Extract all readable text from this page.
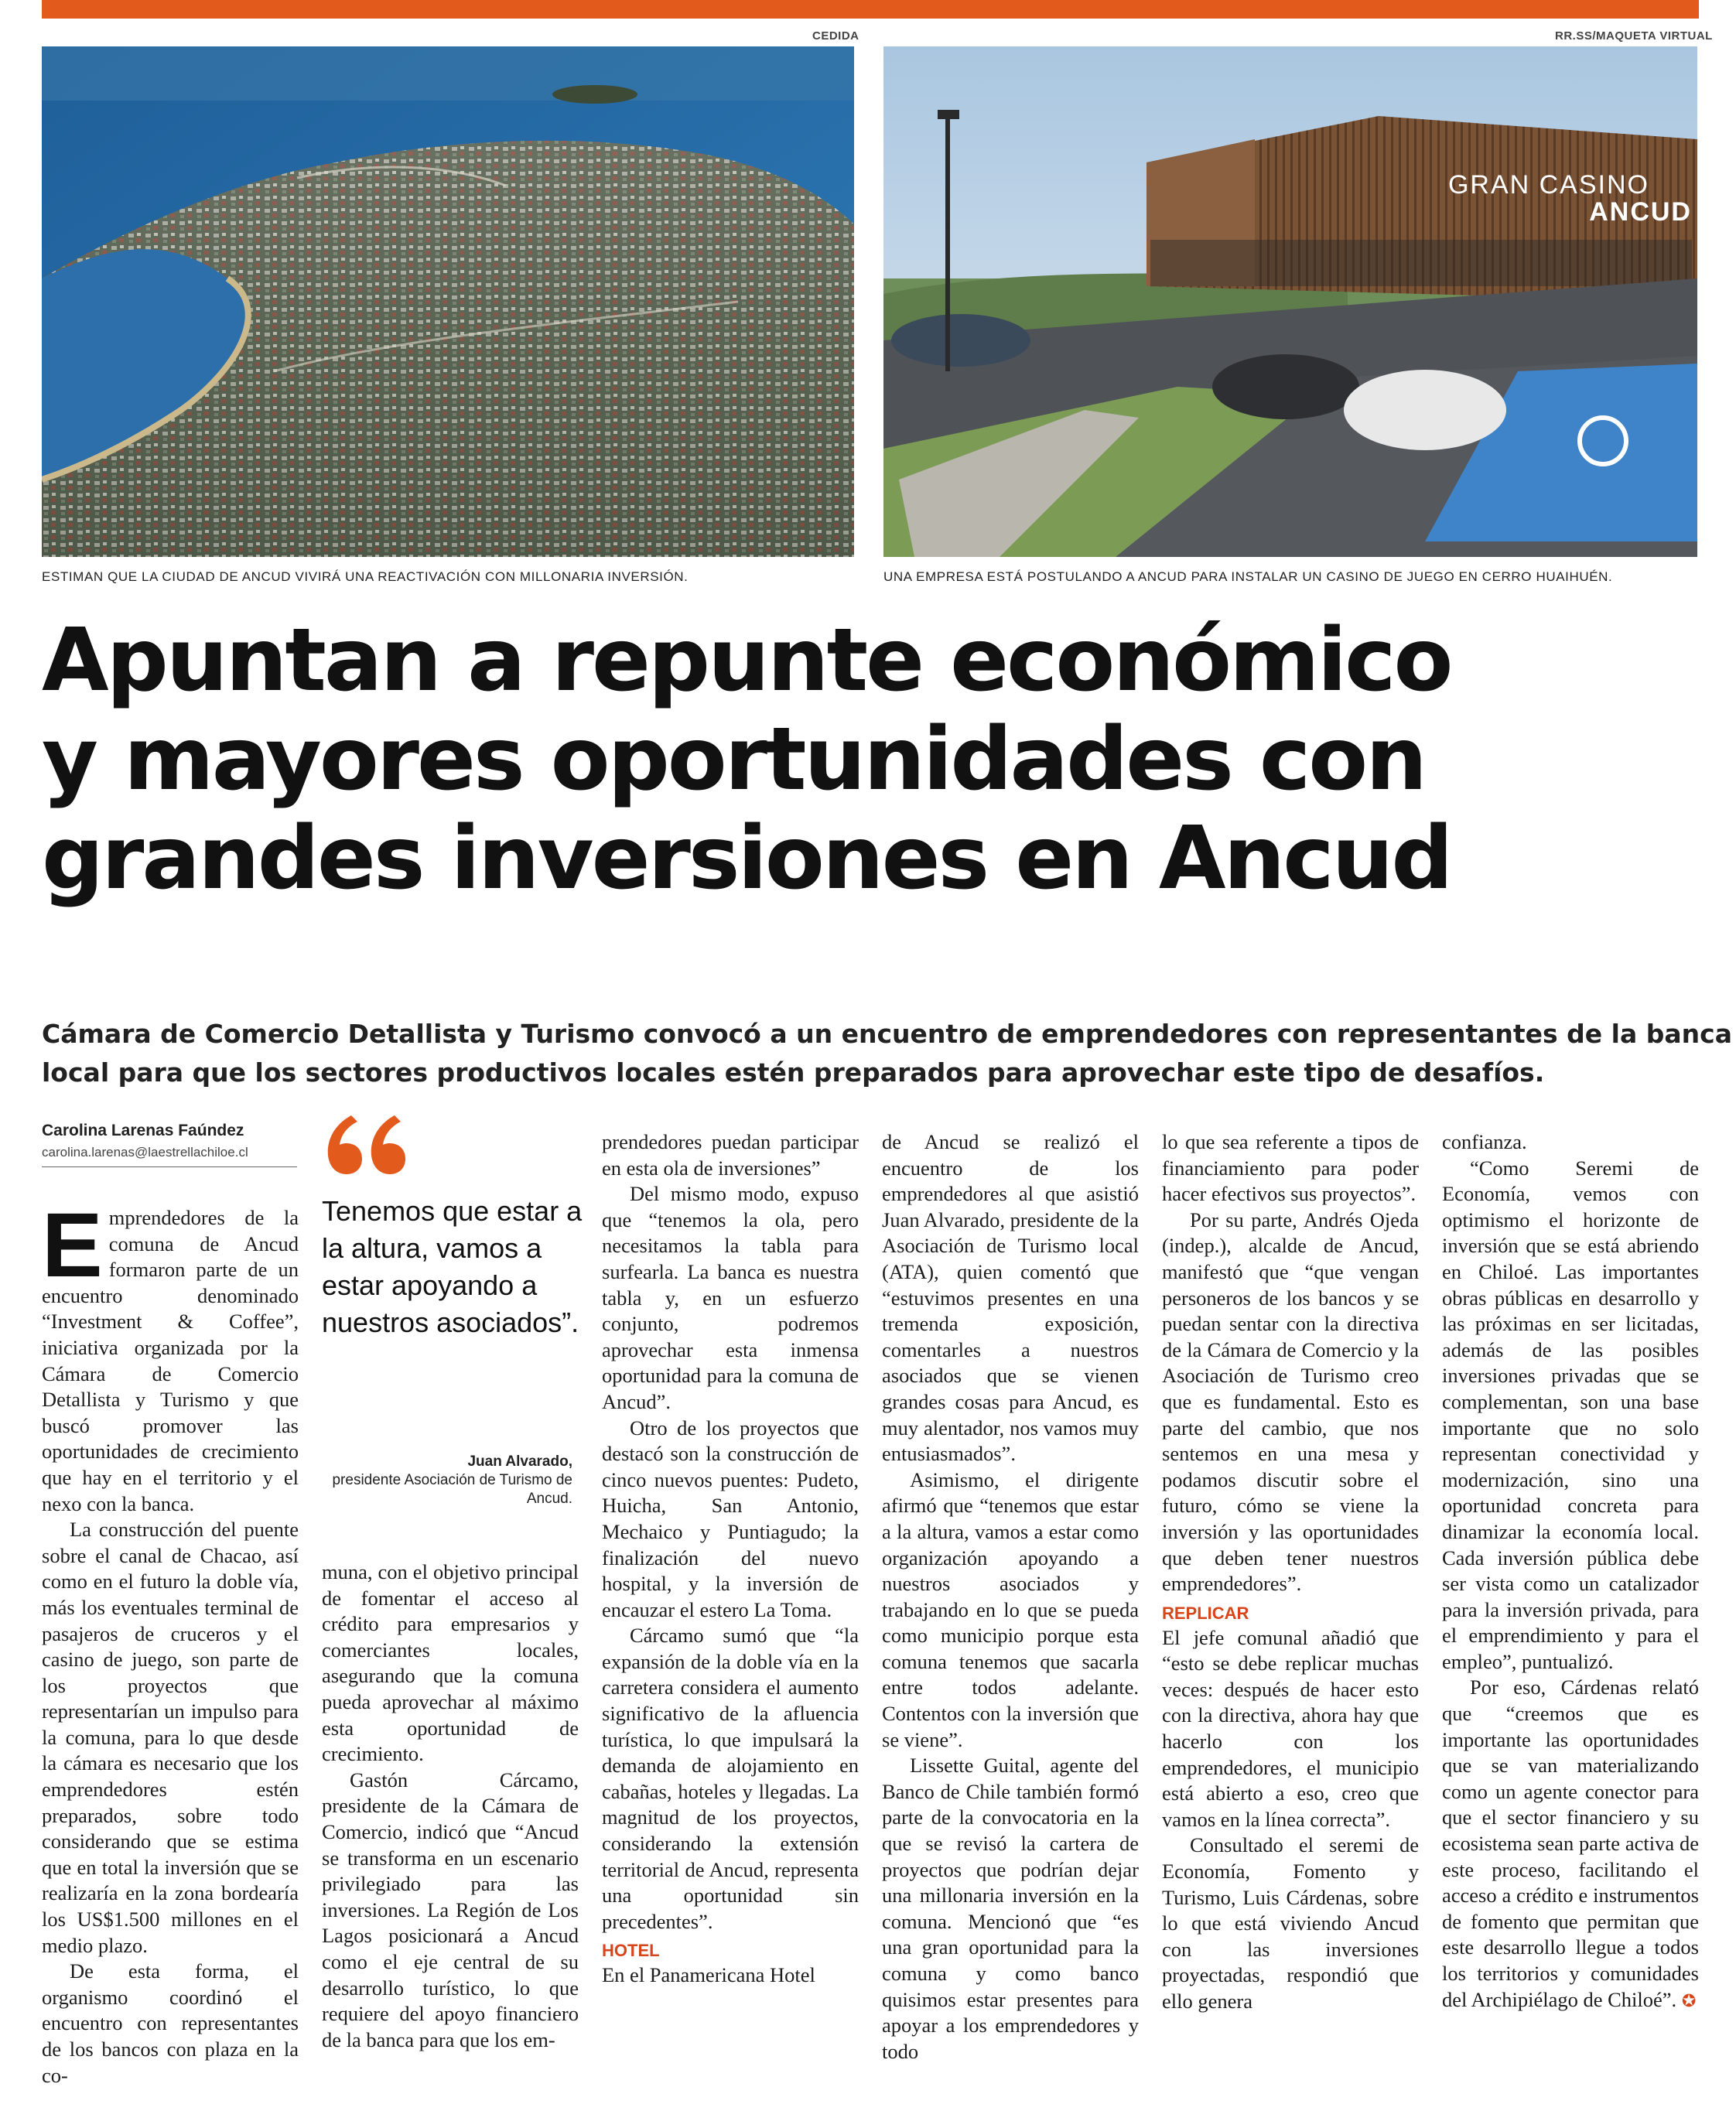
CEDIDA
ESTIMAN QUE LA CIUDAD DE ANCUD VIVIRÁ UNA REACTIVACIÓN CON MILLONARIA INVERSIÓN.
RR.SS/MAQUETA VIRTUAL
GRAN CASINO
ANCUD
UNA EMPRESA ESTÁ POSTULANDO A ANCUD PARA INSTALAR UN CASINO DE JUEGO EN CERRO HUAIHUÉN.
Apuntan a repunte económico
y mayores oportunidades con
grandes inversiones en Ancud
Cámara de Comercio Detallista y Turismo convocó a un encuentro de emprendedores con representantes de la banca
local para que los sectores productivos locales estén preparados para aprovechar este tipo de desafíos.
Carolina Larenas Faúndez
carolina.larenas@laestrellachiloe.cl
Tenemos que estar a la altura, vamos a estar apoyando a nuestros asociados”.
Juan Alvarado,
presidente Asociación de Turismo de Ancud.

Emprendedores de la comuna de Ancud formaron parte de un encuentro denominado “Investment & Coffee”, iniciativa organizada por la Cámara de Comercio Detallista y Turismo y que buscó promover las oportunidades de crecimiento que hay en el territorio y el nexo con la banca.

La construcción del puente sobre el canal de Chacao, así como en el futuro la doble vía, más los eventuales terminal de pasajeros de cruceros y el casino de juego, son parte de los proyectos que representarían un impulso para la comuna, para lo que desde la cámara es necesario que los emprendedores estén preparados, sobre todo considerando que se estima que en total la inversión que se realizaría en la zona bordearía los US$1.500 millones en el medio plazo.

De esta forma, el organismo coordinó el encuentro con representantes de los bancos con plaza en la co-

muna, con el objetivo principal de fomentar el acceso al crédito para empresarios y comerciantes locales, asegurando que la comuna pueda aprovechar al máximo esta oportunidad de crecimiento.

Gastón Cárcamo, presidente de la Cámara de Comercio, indicó que “Ancud se transforma en un escenario privilegiado para las inversiones. La Región de Los Lagos posicionará a Ancud como el eje central de su desarrollo turístico, lo que requiere del apoyo financiero de la banca para que los em-

prendedores puedan participar en esta ola de inversiones”

Del mismo modo, expuso que “tenemos la ola, pero necesitamos la tabla para surfearla. La banca es nuestra tabla y, en un esfuerzo conjunto, podremos aprovechar esta inmensa oportunidad para la comuna de Ancud”.

Otro de los proyectos que destacó son la construcción de cinco nuevos puentes: Pudeto, Huicha, San Antonio, Mechaico y Puntiagudo; la finalización del nuevo hospital, y la inversión de encauzar el estero La Toma.

Cárcamo sumó que “la expansión de la doble vía en la carretera considera el aumento significativo de la afluencia turística, lo que impulsará la demanda de alojamiento en cabañas, hoteles y llegadas. La magnitud de los proyectos, considerando la extensión territorial de Ancud, representa una oportunidad sin precedentes”.

HOTEL

En el Panamericana Hotel

de Ancud se realizó el encuentro de los emprendedores al que asistió Juan Alvarado, presidente de la Asociación de Turismo local (ATA), quien comentó que “estuvimos presentes en una tremenda exposición, comentarles a nuestros asociados que se vienen grandes cosas para Ancud, es muy alentador, nos vamos muy entusiasmados”.

Asimismo, el dirigente afirmó que “tenemos que estar a la altura, vamos a estar como organización apoyando a nuestros asociados y trabajando en lo que se pueda como municipio porque esta comuna tenemos que sacarla entre todos adelante. Contentos con la inversión que se viene”.

Lissette Guital, agente del Banco de Chile también formó parte de la convocatoria en la que se revisó la cartera de proyectos que podrían dejar una millonaria inversión en la comuna. Mencionó que “es una gran oportunidad para la comuna y como banco quisimos estar presentes para apoyar a los emprendedores y todo

lo que sea referente a tipos de financiamiento para poder hacer efectivos sus proyectos”.

Por su parte, Andrés Ojeda (indep.), alcalde de Ancud, manifestó que “que vengan personeros de los bancos y se puedan sentar con la directiva de la Cámara de Comercio y la Asociación de Turismo creo que es fundamental. Esto es parte del cambio, que nos sentemos en una mesa y podamos discutir sobre el futuro, cómo se viene la inversión y las oportunidades que deben tener nuestros emprendedores”.

REPLICAR

El jefe comunal añadió que “esto se debe replicar muchas veces: después de hacer esto con la directiva, ahora hay que hacerlo con los emprendedores, el municipio está abierto a eso, creo que vamos en la línea correcta”.

Consultado el seremi de Economía, Fomento y Turismo, Luis Cárdenas, sobre lo que está viviendo Ancud con las inversiones proyectadas, respondió que ello genera

confianza.

“Como Seremi de Economía, vemos con optimismo el horizonte de inversión que se está abriendo en Chiloé. Las importantes obras públicas en desarrollo y las próximas en ser licitadas, además de las posibles inversiones privadas que se complementan, son una base importante que no solo representan conectividad y modernización, sino una oportunidad concreta para dinamizar la economía local. Cada inversión pública debe ser vista como un catalizador para la inversión privada, para el emprendimiento y para el empleo”, puntualizó.

Por eso, Cárdenas relató que “creemos que es importante las oportunidades que se van materializando como un agente conector para que el sector financiero y su ecosistema sean parte activa de este proceso, facilitando el acceso a crédito e instrumentos de fomento que permitan que este desarrollo llegue a todos los territorios y comunidades del Archipiélago de Chiloé”. ✪
